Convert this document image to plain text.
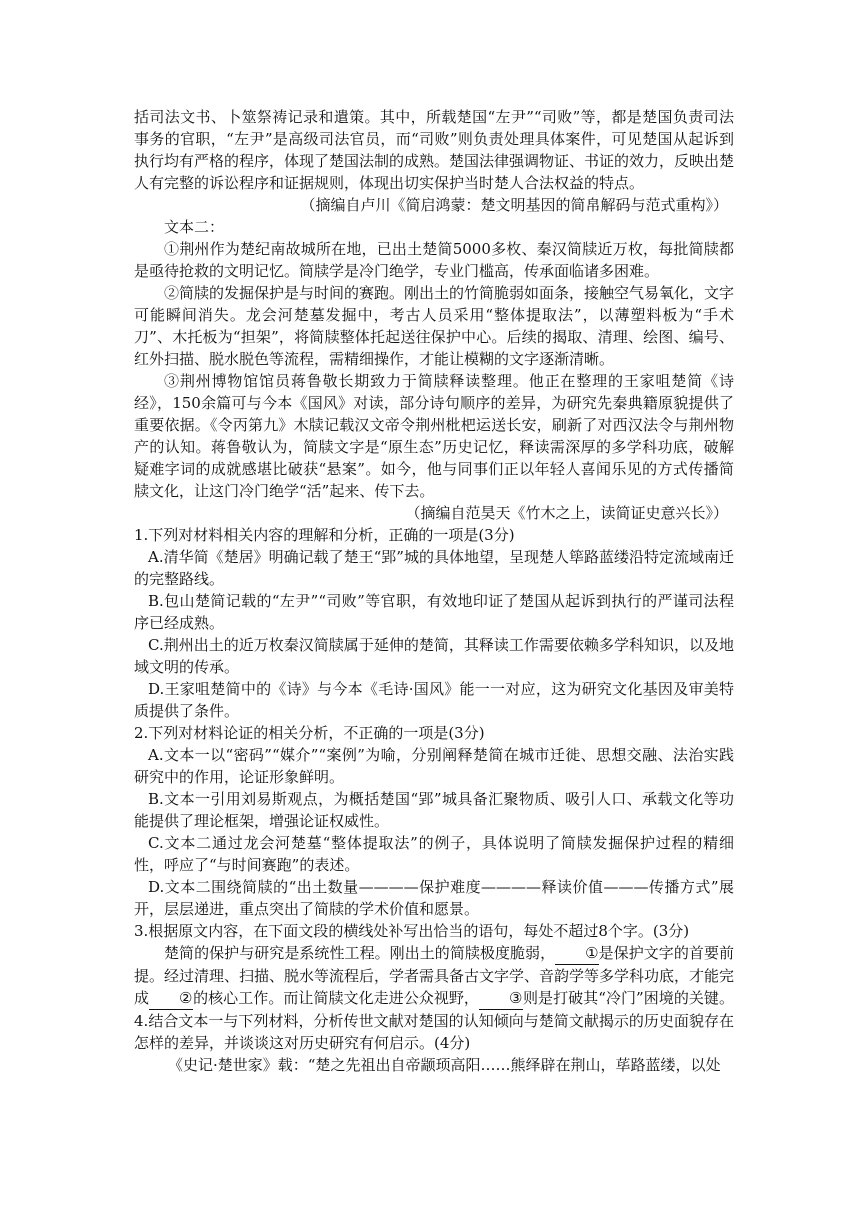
括司法文书、卜筮祭祷记录和遣策。其中，所载楚国“左尹”“司败”等，都是楚国负责司法事务的官职，“左尹”是高级司法官员，而“司败”则负责处理具体案件，可见楚国从起诉到执行均有严格的程序，体现了楚国法制的成熟。楚国法律强调物证、书证的效力，反映出楚人有完整的诉讼程序和证据规则，体现出切实保护当时楚人合法权益的特点。

（摘编自卢川《简启鸿蒙：楚文明基因的简帛解码与范式重构》）

文本二：

①荆州作为楚纪南故城所在地，已出土楚简5000多枚、秦汉简牍近万枚，每批简牍都是亟待抢救的文明记忆。简牍学是冷门绝学，专业门槛高，传承面临诸多困难。

②简牍的发掘保护是与时间的赛跑。刚出土的竹简脆弱如面条，接触空气易氧化，文字可能瞬间消失。龙会河楚墓发掘中，考古人员采用“整体提取法”，以薄塑料板为“手术刀”、木托板为“担架”，将简牍整体托起送往保护中心。后续的揭取、清理、绘图、编号、红外扫描、脱水脱色等流程，需精细操作，才能让模糊的文字逐渐清晰。

③荆州博物馆馆员蒋鲁敬长期致力于简牍释读整理。他正在整理的王家咀楚简《诗经》，150余篇可与今本《国风》对读，部分诗句顺序的差异，为研究先秦典籍原貌提供了重要依据。《令丙第九》木牍记载汉文帝令荆州枇杷运送长安，刷新了对西汉法令与荆州物产的认知。蒋鲁敬认为，简牍文字是“原生态”历史记忆，释读需深厚的多学科功底，破解疑难字词的成就感堪比破获“悬案”。如今，他与同事们正以年轻人喜闻乐见的方式传播简牍文化，让这门冷门绝学“活”起来、传下去。

（摘编自范昊天《竹木之上，读简证史意兴长》）

1.下列对材料相关内容的理解和分析，正确的一项是(3分)

A.清华简《楚居》明确记载了楚王“郢”城的具体地望，呈现楚人筚路蓝缕沿特定流域南迁的完整路线。

B.包山楚简记载的“左尹”“司败”等官职，有效地印证了楚国从起诉到执行的严谨司法程序已经成熟。

C.荆州出土的近万枚秦汉简牍属于延伸的楚简，其释读工作需要依赖多学科知识，以及地域文明的传承。

D.王家咀楚简中的《诗》与今本《毛诗·国风》能一一对应，这为研究文化基因及审美特质提供了条件。

2.下列对材料论证的相关分析，不正确的一项是(3分)

A.文本一以“密码”“媒介”“案例”为喻，分别阐释楚简在城市迁徙、思想交融、法治实践研究中的作用，论证形象鲜明。

B.文本一引用刘易斯观点，为概括楚国“郢”城具备汇聚物质、吸引人口、承载文化等功能提供了理论框架，增强论证权威性。

C.文本二通过龙会河楚墓“整体提取法”的例子，具体说明了简牍发掘保护过程的精细性，呼应了“与时间赛跑”的表述。

D.文本二围绕简牍的“出土数量————保护难度————释读价值———传播方式”展开，层层递进，重点突出了简牍的学术价值和愿景。

3.根据原文内容，在下面文段的横线处补写出恰当的语句，每处不超过8个字。(3分)

楚简的保护与研究是系统性工程。刚出土的简牍极度脆弱， ①是保护文字的首要前提。经过清理、扫描、脱水等流程后，学者需具备古文字学、音韵学等多学科功底，才能完成 ②的核心工作。而让简牍文化走进公众视野， ③则是打破其“冷门”困境的关键。4.结合文本一与下列材料，分析传世文献对楚国的认知倾向与楚简文献揭示的历史面貌存在怎样的差异，并谈谈这对历史研究有何启示。(4分)

《史记·楚世家》载：“楚之先祖出自帝颛顼高阳……熊绎辟在荆山，荜路蓝缕，以处
